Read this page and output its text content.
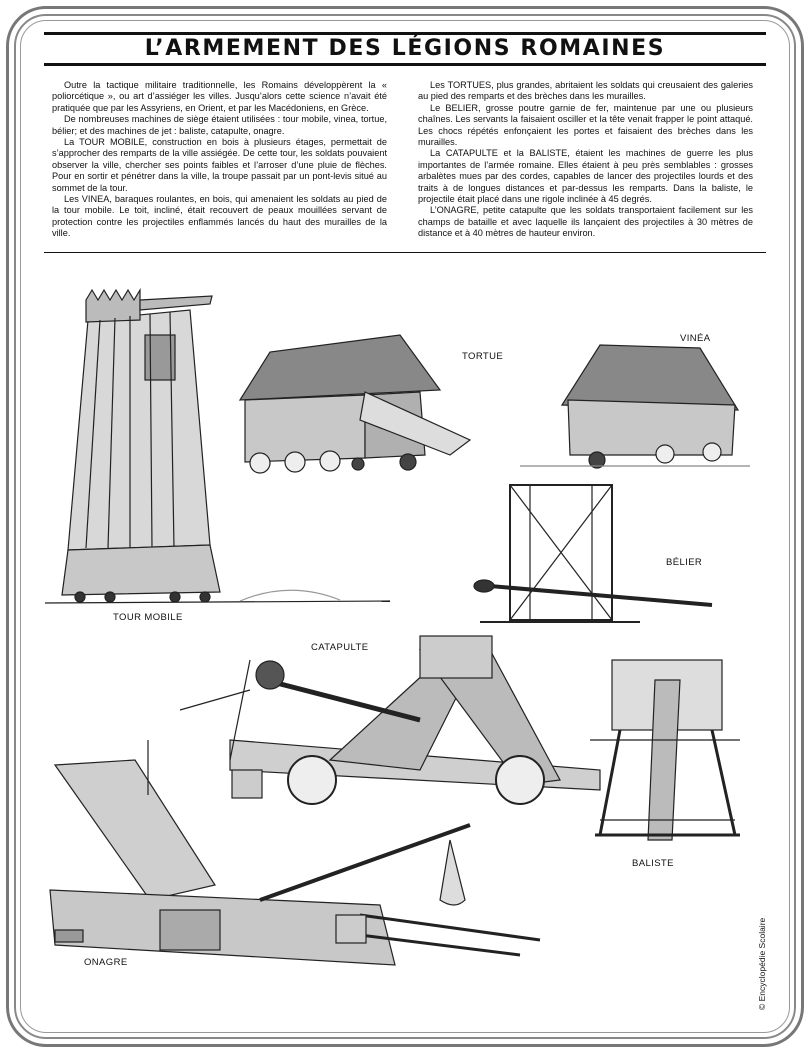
L’ARMEMENT DES LÉGIONS ROMAINES

Outre la tactique militaire traditionnelle, les Romains développèrent la « poliorcétique », ou art d’assiéger les villes. Jusqu’alors cette science n’avait été pratiquée que par les Assyriens, en Orient, et par les Macédoniens, en Grèce.

De nombreuses machines de siège étaient utilisées : tour mobile, vinea, tortue, bélier; et des machines de jet : baliste, catapulte, onagre.

La TOUR MOBILE, construction en bois à plusieurs étages, permettait de s’approcher des remparts de la ville assiégée. De cette tour, les soldats pouvaient observer la ville, chercher ses points faibles et l’arroser d’une pluie de flèches. Pour en sortir et pénétrer dans la ville, la troupe passait par un pont-levis situé au sommet de la tour.

Les VINEA, baraques roulantes, en bois, qui amenaient les soldats au pied de la tour mobile. Le toit, incliné, était recouvert de peaux mouillées servant de protection contre les projectiles enflammés lancés du haut des murailles de la ville.

Les TORTUES, plus grandes, abritaient les soldats qui creusaient des galeries au pied des remparts et des brèches dans les murailles.

Le BELIER, grosse poutre garnie de fer, maintenue par une ou plusieurs chaînes. Les servants la faisaient osciller et la tête venait frapper le point attaqué. Les chocs répétés enfonçaient les portes et faisaient des brèches dans les murailles.

La CATAPULTE et la BALISTE, étaient les machines de guerre les plus importantes de l’armée romaine. Elles étaient à peu près semblables : grosses arbalètes mues par des cordes, capables de lancer des projectiles lourds et des traits à de longues distances et par-dessus les remparts. Dans la baliste, le projectile était placé dans une rigole inclinée à 45 degrés.

L’ONAGRE, petite catapulte que les soldats transportaient facilement sur les champs de bataille et avec laquelle ils lançaient des projectiles à 30 mètres de distance et à 40 mètres de hauteur environ.

TORTUE
VINÉA
TOUR MOBILE
BÉLIER
CATAPULTE
BALISTE
ONAGRE	© Encyclopédie Scolaire
